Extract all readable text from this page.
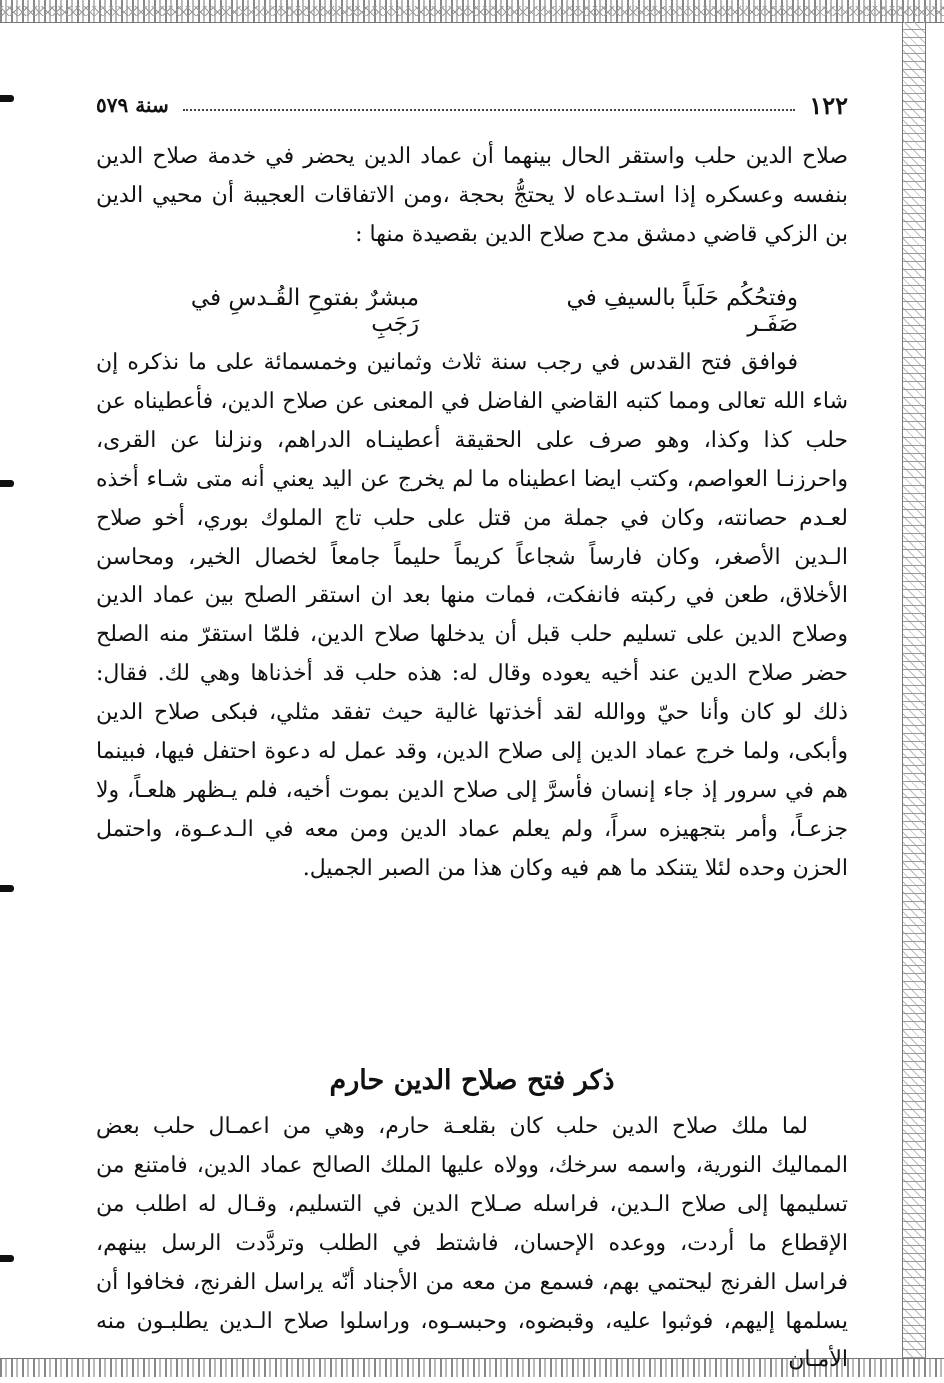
١٢٢
سنة ٥٧٩

صلاح الدين حلب واستقر الحال بينهما أن عماد الدين يحضر في خدمة صلاح الدين بنفسه وعسكره إذا استـدعاه لا يحتجُّ بحجة ،ومن الاتفاقات العجيبة أن محيي الدين بن الزكي قاضي دمشق مدح صلاح الدين بقصيدة منها :

وفتحُكُم حَلَباً بالسيفِ في صَفَـر
مبشرٌ بفتوحِ القُـدسِ في رَجَبِ

فوافق فتح القدس في رجب سنة ثلاث وثمانين وخمسمائة على ما نذكره إن شاء الله تعالى ومما كتبه القاضي الفاضل في المعنى عن صلاح الدين، فأعطيناه عن حلب كذا وكذا، وهو صرف على الحقيقة أعطينـاه الدراهم، ونزلنا عن القرى، واحرزنـا العواصم، وكتب ايضا اعطيناه ما لم يخرج عن اليد يعني أنه متى شـاء أخذه لعـدم حصانته، وكان في جملة من قتل على حلب تاج الملوك بوري، أخو صلاح الـدين الأصغر، وكان فارساً شجاعاً كريماً حليماً جامعاً لخصال الخير، ومحاسن الأخلاق، طعن في ركبته فانفكت، فمات منها بعد ان استقر الصلح بين عماد الدين وصلاح الدين على تسليم حلب قبل أن يدخلها صلاح الدين، فلمّا استقرّ منه الصلح حضر صلاح الدين عند أخيه يعوده وقال له: هذه حلب قد أخذناها وهي لك. فقال: ذلك لو كان وأنا حيّ ووالله لقد أخذتها غالية حيث تفقد مثلي، فبكى صلاح الدين وأبكى، ولما خرج عماد الدين إلى صلاح الدين، وقد عمل له دعوة احتفل فيها، فبينما هم في سرور إذ جاء إنسان فأسرَّ إلى صلاح الدين بموت أخيه، فلم يـظهر هلعـاً، ولا جزعـاً، وأمر بتجهيزه سراً، ولم يعلم عماد الدين ومن معه في الـدعـوة، واحتمل الحزن وحده لئلا يتنكد ما هم فيه وكان هذا من الصبر الجميل.

ذكر فتح صلاح الدين حارم

لما ملك صلاح الدين حلب كان بقلعـة حارم، وهي من اعمـال حلب بعض المماليك النورية، واسمه سرخك، وولاه عليها الملك الصالح عماد الدين، فامتنع من تسليمها إلى صلاح الـدين، فراسله صـلاح الدين في التسليم، وقـال له اطلب من الإقطاع ما أردت، ووعده الإحسان، فاشتط في الطلب وتردَّدت الرسل بينهم، فراسل الفرنج ليحتمي بهم، فسمع من معه من الأجناد أنّه يراسل الفرنج، فخافوا أن يسلمها إليهم، فوثبوا عليه، وقبضوه، وحبسـوه، وراسلوا صلاح الـدين يطلبـون منه الأمـان
